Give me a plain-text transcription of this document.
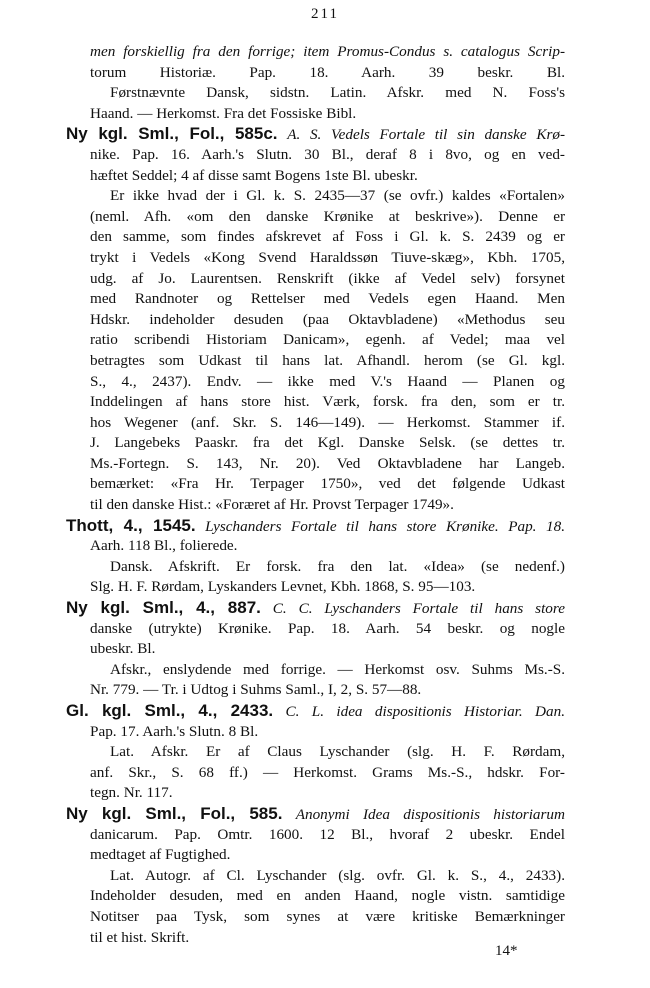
211
men forskiellig fra den forrige; item Promus-Condus s. catalogus Scrip-
torum Historiæ. Pap. 18. Aarh. 39 beskr. Bl.
Førstnævnte Dansk, sidstn. Latin. Afskr. med N. Foss's
Haand. — Herkomst. Fra det Fossiske Bibl.
Ny kgl. Sml., Fol., 585c. A. S. Vedels Fortale til sin danske Krø-
nike. Pap. 16. Aarh.'s Slutn. 30 Bl., deraf 8 i 8vo, og en ved-
hæftet Seddel; 4 af disse samt Bogens 1ste Bl. ubeskr.
Er ikke hvad der i Gl. k. S. 2435—37 (se ovfr.) kaldes «Fortalen»
(neml. Afh. «om den danske Krønike at beskrive»). Denne er
den samme, som findes afskrevet af Foss i Gl. k. S. 2439 og er
trykt i Vedels «Kong Svend Haraldssøn Tiuve-skæg», Kbh. 1705,
udg. af Jo. Laurentsen. Renskrift (ikke af Vedel selv) forsynet
med Randnoter og Rettelser med Vedels egen Haand. Men
Hdskr. indeholder desuden (paa Oktavbladene) «Methodus seu
ratio scribendi Historiam Danicam», egenh. af Vedel; maa vel
betragtes som Udkast til hans lat. Afhandl. herom (se Gl. kgl.
S., 4., 2437). Endv. — ikke med V.'s Haand — Planen og
Inddelingen af hans store hist. Værk, forsk. fra den, som er tr.
hos Wegener (anf. Skr. S. 146—149). — Herkomst. Stammer if.
J. Langebeks Paaskr. fra det Kgl. Danske Selsk. (se dettes tr.
Ms.-Fortegn. S. 143, Nr. 20). Ved Oktavbladene har Langeb.
bemærket: «Fra Hr. Terpager 1750», ved det følgende Udkast
til den danske Hist.: «Foræret af Hr. Provst Terpager 1749».
Thott, 4., 1545. Lyschanders Fortale til hans store Krønike. Pap. 18.
Aarh. 118 Bl., folierede.
Dansk. Afskrift. Er forsk. fra den lat. «Idea» (se nedenf.)
Slg. H. F. Rørdam, Lyskanders Levnet, Kbh. 1868, S. 95—103.
Ny kgl. Sml., 4., 887. C. C. Lyschanders Fortale til hans store
danske (utrykte) Krønike. Pap. 18. Aarh. 54 beskr. og nogle
ubeskr. Bl.
Afskr., enslydende med forrige. — Herkomst osv. Suhms Ms.-S.
Nr. 779. — Tr. i Udtog i Suhms Saml., I, 2, S. 57—88.
Gl. kgl. Sml., 4., 2433. C. L. idea dispositionis Historiar. Dan.
Pap. 17. Aarh.'s Slutn. 8 Bl.
Lat. Afskr. Er af Claus Lyschander (slg. H. F. Rørdam,
anf. Skr., S. 68 ff.) — Herkomst. Grams Ms.-S., hdskr. For-
tegn. Nr. 117.
Ny kgl. Sml., Fol., 585. Anonymi Idea dispositionis historiarum
danicarum. Pap. Omtr. 1600. 12 Bl., hvoraf 2 ubeskr. Endel
medtaget af Fugtighed.
Lat. Autogr. af Cl. Lyschander (slg. ovfr. Gl. k. S., 4., 2433).
Indeholder desuden, med en anden Haand, nogle vistn. samtidige
Notitser paa Tysk, som synes at være kritiske Bemærkninger
til et hist. Skrift.
14*
